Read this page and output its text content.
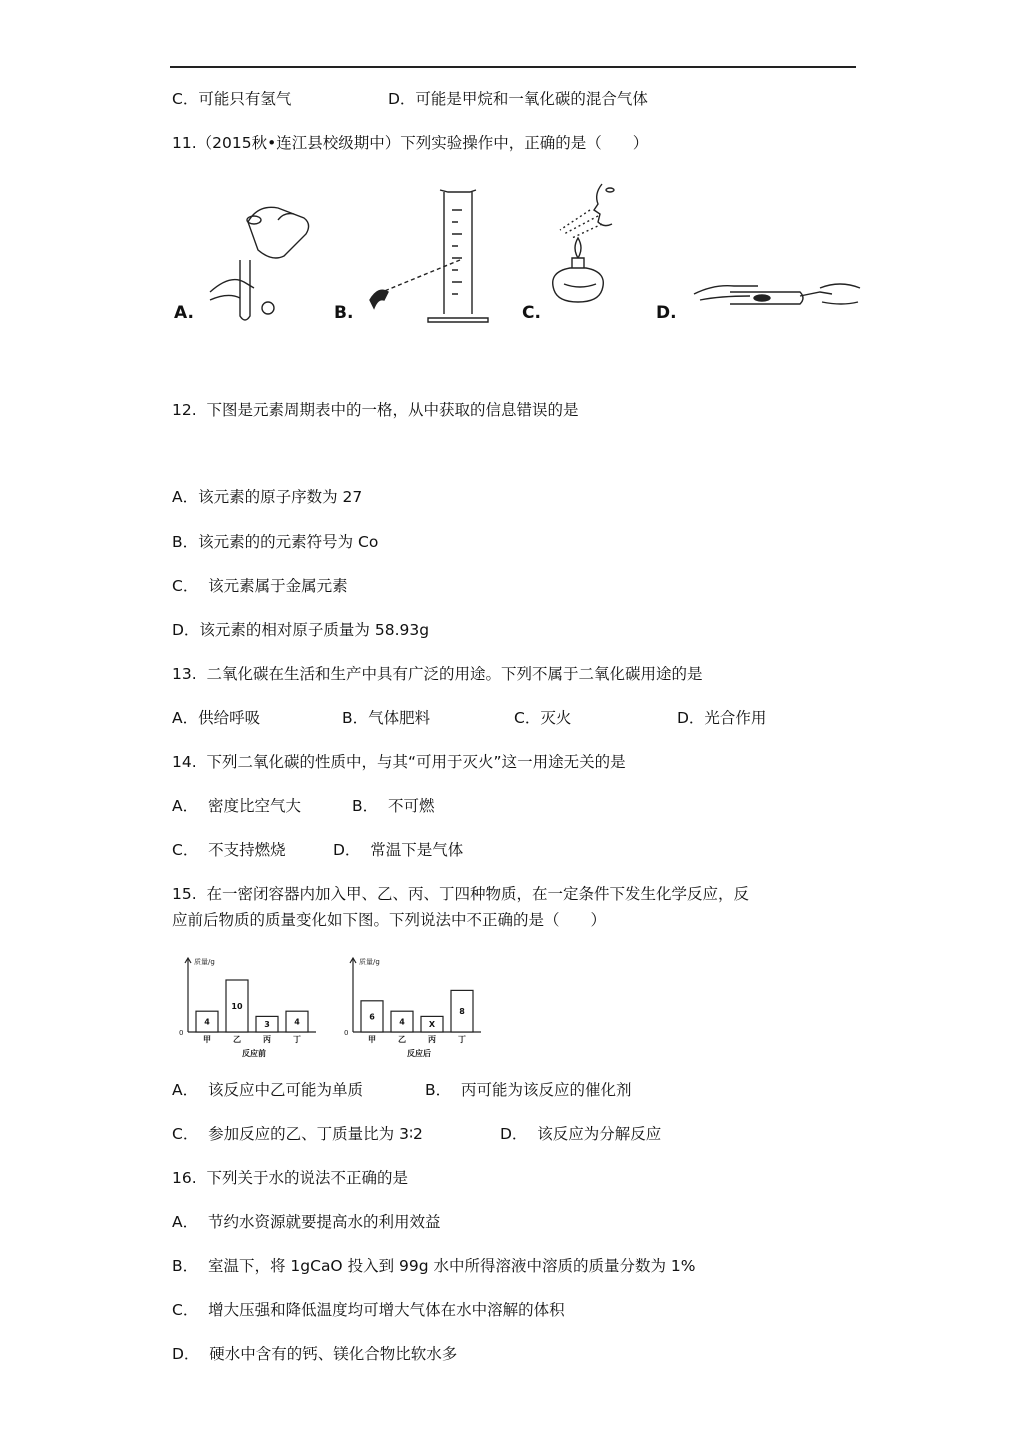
C．可能只有氢气	D．可能是甲烷和一氧化碳的混合气体
11.（2015秋•连江县校级期中）下列实验操作中，正确的是（　　）
A.	B.	C.	D.
12.  下图是元素周期表中的一格，从中获取的信息错误的是
A．该元素的原子序数为 27
B．该元素的的元素符号为 Co
C．  该元素属于金属元素
D．该元素的相对原子质量为 58.93g
13.  二氧化碳在生活和生产中具有广泛的用途。下列不属于二氧化碳用途的是
A．供给呼吸	B．气体肥料	C．灭火	D．光合作用
14.  下列二氧化碳的性质中，与其“可用于灭火”这一用途无关的是
A．  密度比空气大	B．  不可燃
C．  不支持燃烧	D．  常温下是气体
15.  在一密闭容器内加入甲、乙、丙、丁四种物质，在一定条件下发生化学反应，反
应前后物质的质量变化如下图。下列说法中不正确的是（　　）
0
质量/g
4
甲
10
乙
3
丙
4
丁
反应前
0
质量/g
6
甲
4
乙
X
丙
8
丁
反应后
A．  该反应中乙可能为单质	B．  丙可能为该反应的催化剂
C．  参加反应的乙、丁质量比为 3∶2	D．  该反应为分解反应
16.  下列关于水的说法不正确的是
A．  节约水资源就要提高水的利用效益
B．  室温下，将 1gCaO 投入到 99g 水中所得溶液中溶质的质量分数为 1%
C．  增大压强和降低温度均可增大气体在水中溶解的体积
D．  硬水中含有的钙、镁化合物比软水多
